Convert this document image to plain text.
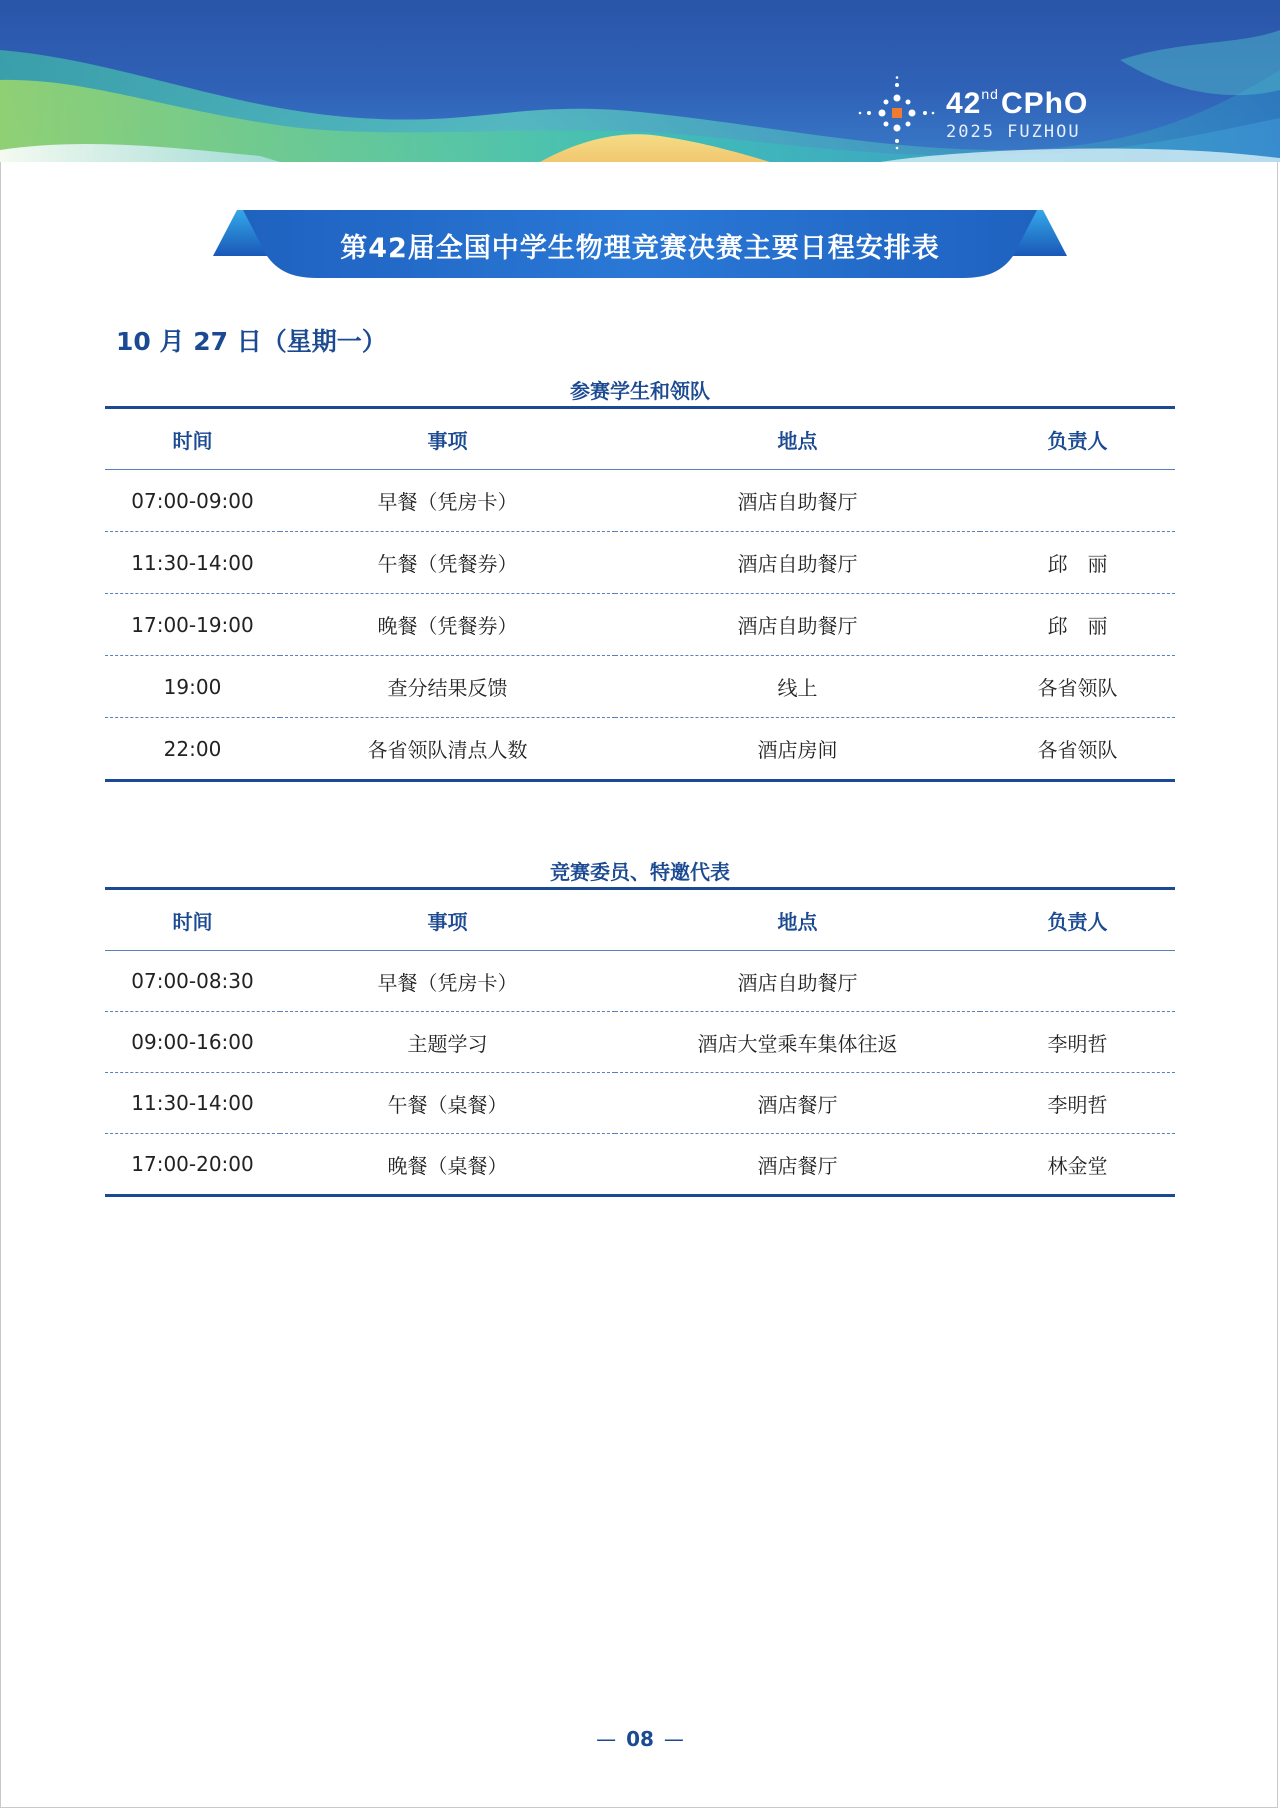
42ndCPhO
2025 FUZHOU
第42届全国中学生物理竞赛决赛主要日程安排表
10 月 27 日（星期一）
参赛学生和领队
时间	事项	地点	负责人
07:00-09:00	早餐（凭房卡）	酒店自助餐厅	
11:30-14:00	午餐（凭餐券）	酒店自助餐厅	邱　丽
17:00-19:00	晚餐（凭餐券）	酒店自助餐厅	邱　丽
19:00	查分结果反馈	线上	各省领队
22:00	各省领队清点人数	酒店房间	各省领队
竞赛委员、特邀代表
时间	事项	地点	负责人
07:00-08:30	早餐（凭房卡）	酒店自助餐厅	
09:00-16:00	主题学习	酒店大堂乘车集体往返	李明哲
11:30-14:00	午餐（桌餐）	酒店餐厅	李明哲
17:00-20:00	晚餐（桌餐）	酒店餐厅	林金堂
— 08 —
